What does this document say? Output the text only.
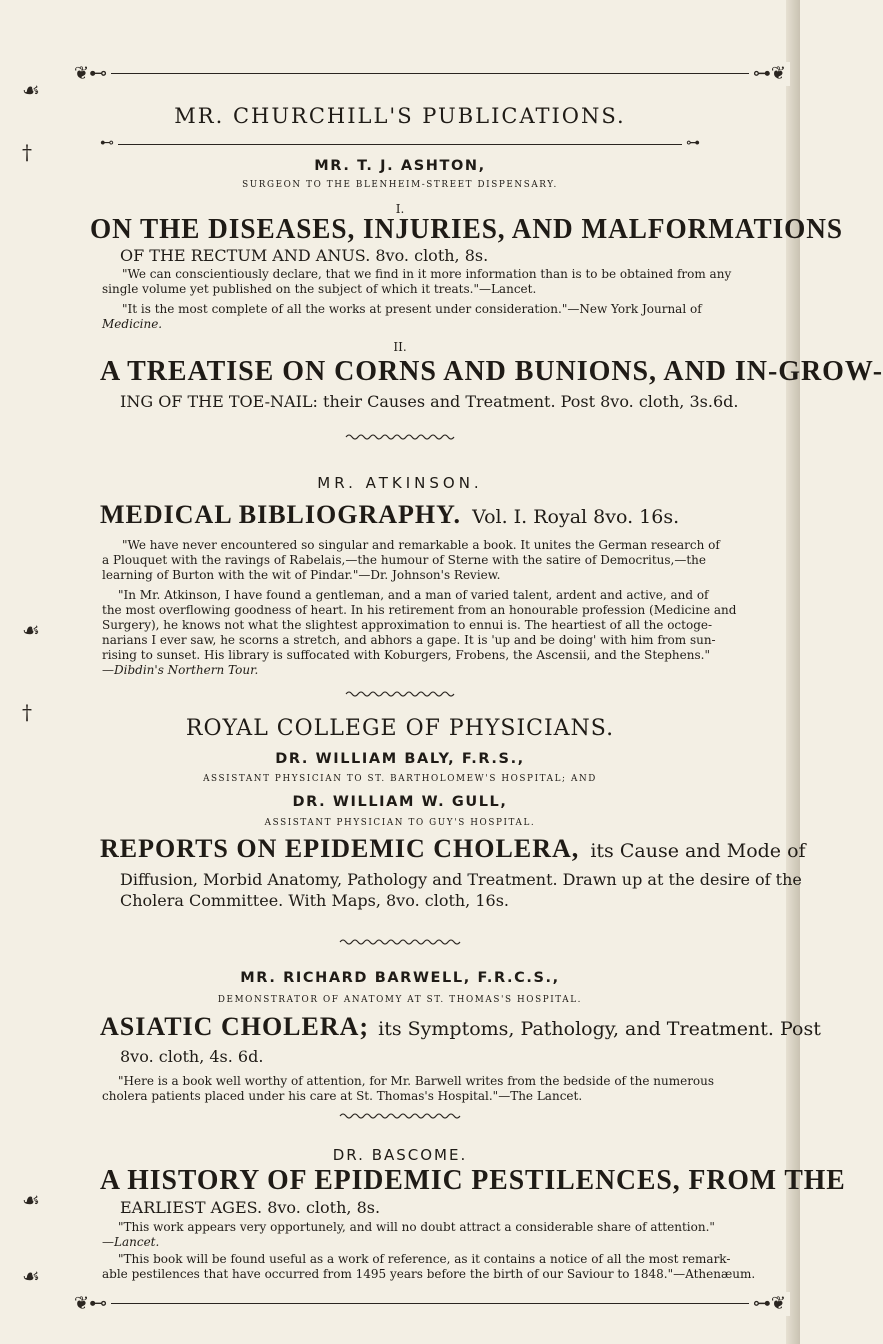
☙
†
☙
†
☙
☙
❦⊷	⊶❦
MR. CHURCHILL'S PUBLICATIONS.
⊷	⊶
MR. T. J. ASHTON,
SURGEON TO THE BLENHEIM-STREET DISPENSARY.
I.
ON THE DISEASES, INJURIES, AND MALFORMATIONS
OF THE RECTUM AND ANUS. 8vo. cloth, 8s.
"We can conscientiously declare, that we find in it more information than is to be obtained from any
single volume yet published on the subject of which it treats."—Lancet.
"It is the most complete of all the works at present under consideration."—New York Journal of
Medicine.
II.
A TREATISE ON CORNS AND BUNIONS, AND IN-GROW-
ING OF THE TOE-NAIL: their Causes and Treatment. Post 8vo. cloth, 3s.6d.
MR. ATKINSON.
MEDICAL BIBLIOGRAPHY. Vol. I. Royal 8vo. 16s.
"We have never encountered so singular and remarkable a book. It unites the German research of
a Plouquet with the ravings of Rabelais,—the humour of Sterne with the satire of Democritus,—the
learning of Burton with the wit of Pindar."—Dr. Johnson's Review.
"In Mr. Atkinson, I have found a gentleman, and a man of varied talent, ardent and active, and of
the most overflowing goodness of heart. In his retirement from an honourable profession (Medicine and
Surgery), he knows not what the slightest approximation to ennui is. The heartiest of all the octoge-
narians I ever saw, he scorns a stretch, and abhors a gape. It is 'up and be doing' with him from sun-
rising to sunset. His library is suffocated with Koburgers, Frobens, the Ascensii, and the Stephens."
—Dibdin's Northern Tour.
ROYAL COLLEGE OF PHYSICIANS.
DR. WILLIAM BALY, F.R.S.,
ASSISTANT PHYSICIAN TO ST. BARTHOLOMEW'S HOSPITAL; AND
DR. WILLIAM W. GULL,
ASSISTANT PHYSICIAN TO GUY'S HOSPITAL.
REPORTS ON EPIDEMIC CHOLERA, its Cause and Mode of
Diffusion, Morbid Anatomy, Pathology and Treatment. Drawn up at the desire of the
Cholera Committee. With Maps, 8vo. cloth, 16s.
MR. RICHARD BARWELL, F.R.C.S.,
DEMONSTRATOR OF ANATOMY AT ST. THOMAS'S HOSPITAL.
ASIATIC CHOLERA; its Symptoms, Pathology, and Treatment. Post
8vo. cloth, 4s. 6d.
"Here is a book well worthy of attention, for Mr. Barwell writes from the bedside of the numerous
cholera patients placed under his care at St. Thomas's Hospital."—The Lancet.
DR. BASCOME.
A HISTORY OF EPIDEMIC PESTILENCES, FROM THE
EARLIEST AGES. 8vo. cloth, 8s.
"This work appears very opportunely, and will no doubt attract a considerable share of attention."
—Lancet.
"This book will be found useful as a work of reference, as it contains a notice of all the most remark-
able pestilences that have occurred from 1495 years before the birth of our Saviour to 1848."—Athenæum.
❦⊷	⊶❦
